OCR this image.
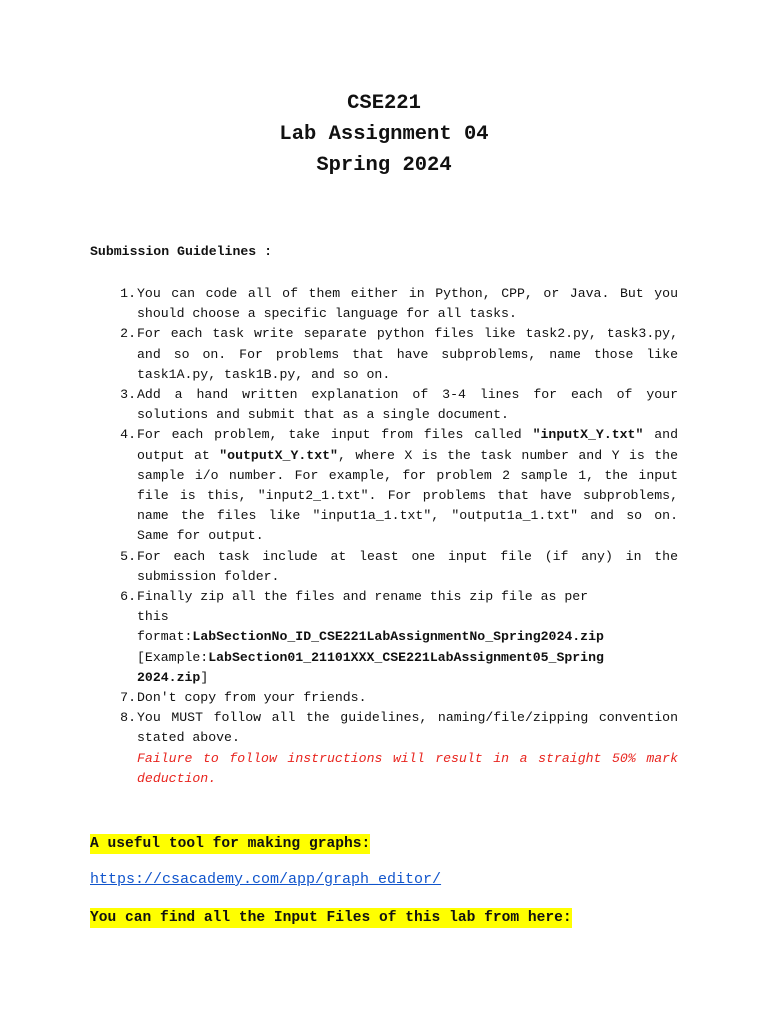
CSE221
Lab Assignment 04
Spring 2024
Submission Guidelines :
1. You can code all of them either in Python, CPP, or Java. But you should choose a specific language for all tasks.
2. For each task write separate python files like task2.py, task3.py, and so on. For problems that have subproblems, name those like task1A.py, task1B.py, and so on.
3. Add a hand written explanation of 3-4 lines for each of your solutions and submit that as a single document.
4. For each problem, take input from files called "inputX_Y.txt" and output at "outputX_Y.txt", where X is the task number and Y is the sample i/o number. For example, for problem 2 sample 1, the input file is this, "input2_1.txt". For problems that have subproblems, name the files like "input1a_1.txt", "output1a_1.txt" and so on. Same for output.
5. For each task include at least one input file (if any) in the submission folder.
6. Finally zip all the files and rename this zip file as per
this
format:LabSectionNo_ID_CSE221LabAssignmentNo_Spring2024.zip
[Example:LabSection01_21101XXX_CSE221LabAssignment05_Spring
2024.zip]
7. Don't copy from your friends.
8. You MUST follow all the guidelines, naming/file/zipping convention stated above.
Failure to follow instructions will result in a straight 50% mark deduction.
A useful tool for making graphs:
https://csacademy.com/app/graph_editor/
You can find all the Input Files of this lab from here:
